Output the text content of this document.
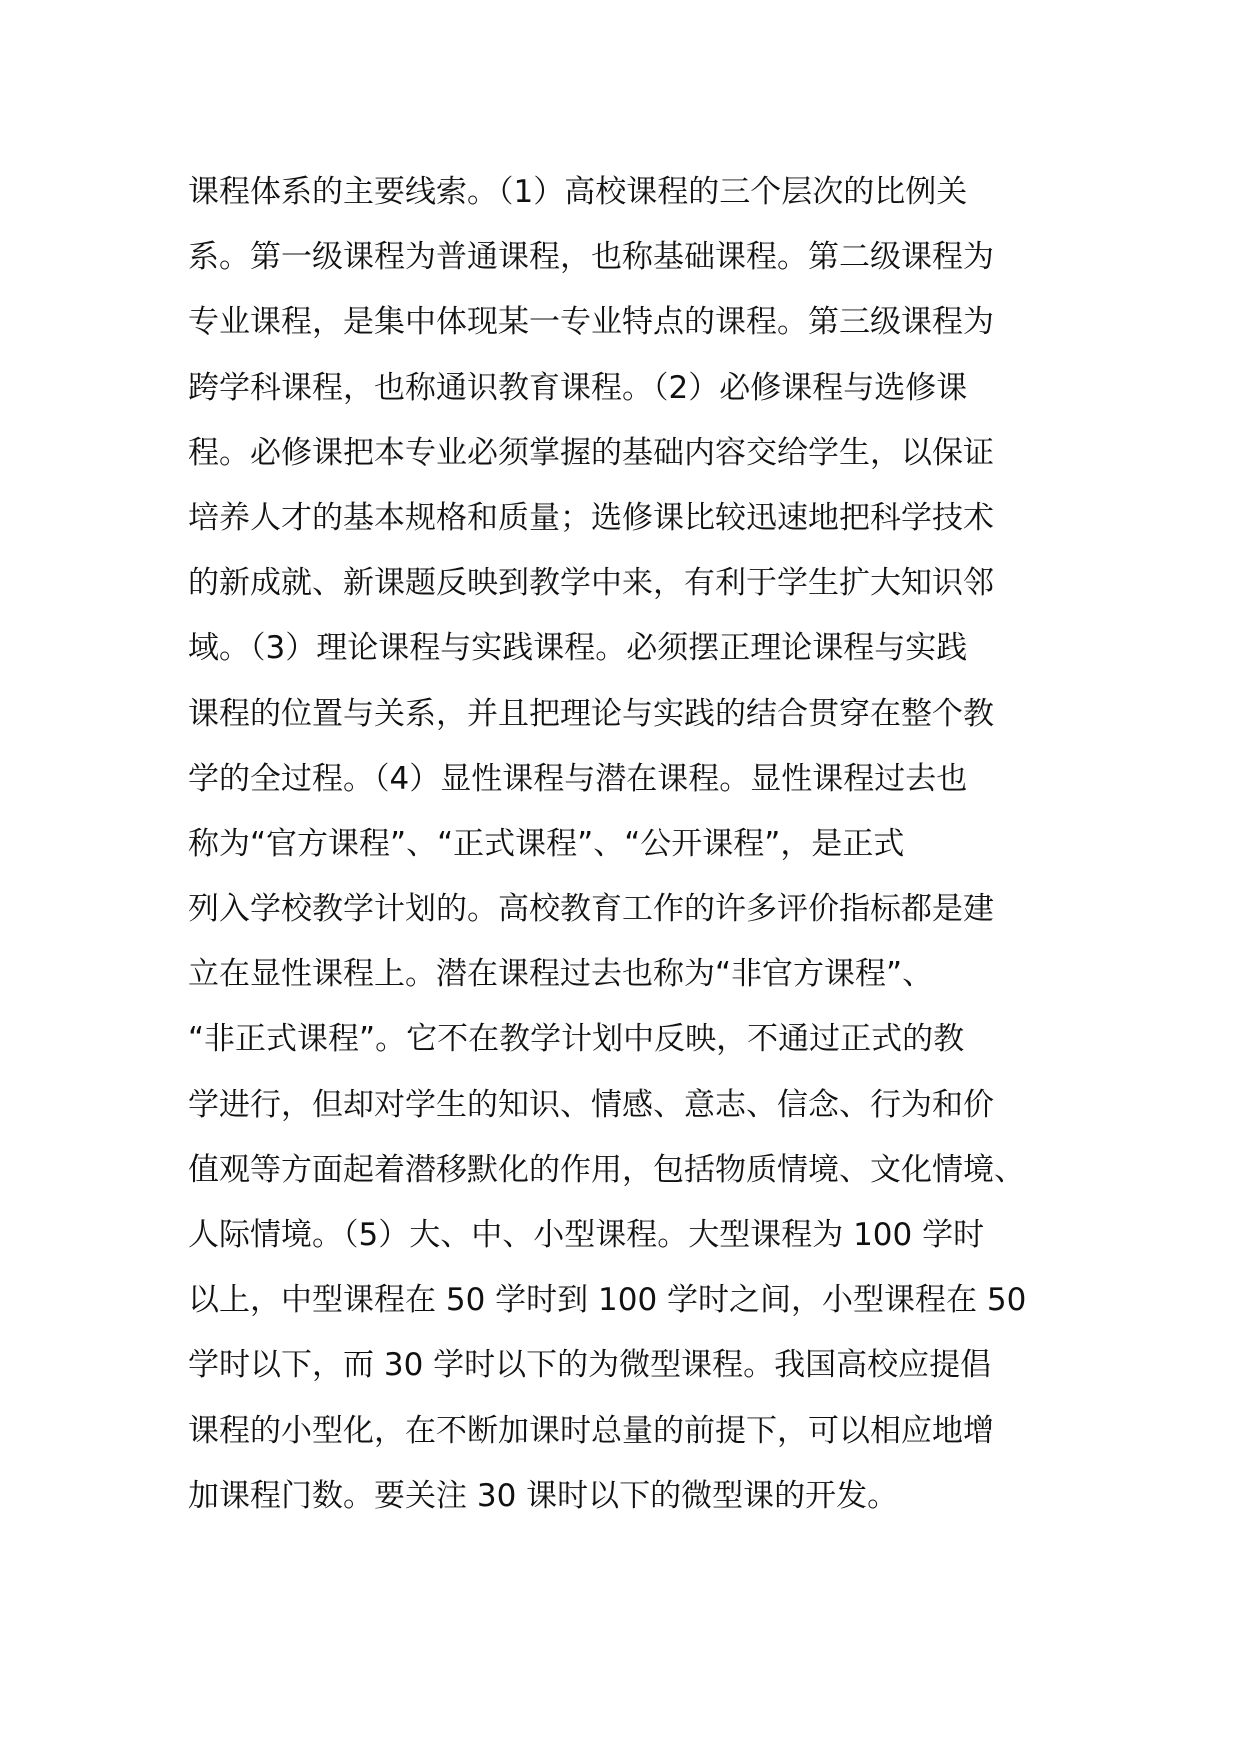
课程体系的主要线索。（1）高校课程的三个层次的比例关
系。第一级课程为普通课程，也称基础课程。第二级课程为
专业课程，是集中体现某一专业特点的课程。第三级课程为
跨学科课程，也称通识教育课程。（2）必修课程与选修课
程。必修课把本专业必须掌握的基础内容交给学生，以保证
培养人才的基本规格和质量；选修课比较迅速地把科学技术
的新成就、新课题反映到教学中来，有利于学生扩大知识邻
域。（3）理论课程与实践课程。必须摆正理论课程与实践
课程的位置与关系，并且把理论与实践的结合贯穿在整个教
学的全过程。（4）显性课程与潜在课程。显性课程过去也
称为“官方课程”、“正式课程”、“公开课程”，是正式
列入学校教学计划的。高校教育工作的许多评价指标都是建
立在显性课程上。潜在课程过去也称为“非官方课程”、
“非正式课程”。它不在教学计划中反映，不通过正式的教
学进行，但却对学生的知识、情感、意志、信念、行为和价
值观等方面起着潜移默化的作用，包括物质情境、文化情境、
人际情境。（5）大、中、小型课程。大型课程为 100 学时
以上，中型课程在 50 学时到 100 学时之间，小型课程在 50
学时以下，而 30 学时以下的为微型课程。我国高校应提倡
课程的小型化，在不断加课时总量的前提下，可以相应地增
加课程门数。要关注 30 课时以下的微型课的开发。
